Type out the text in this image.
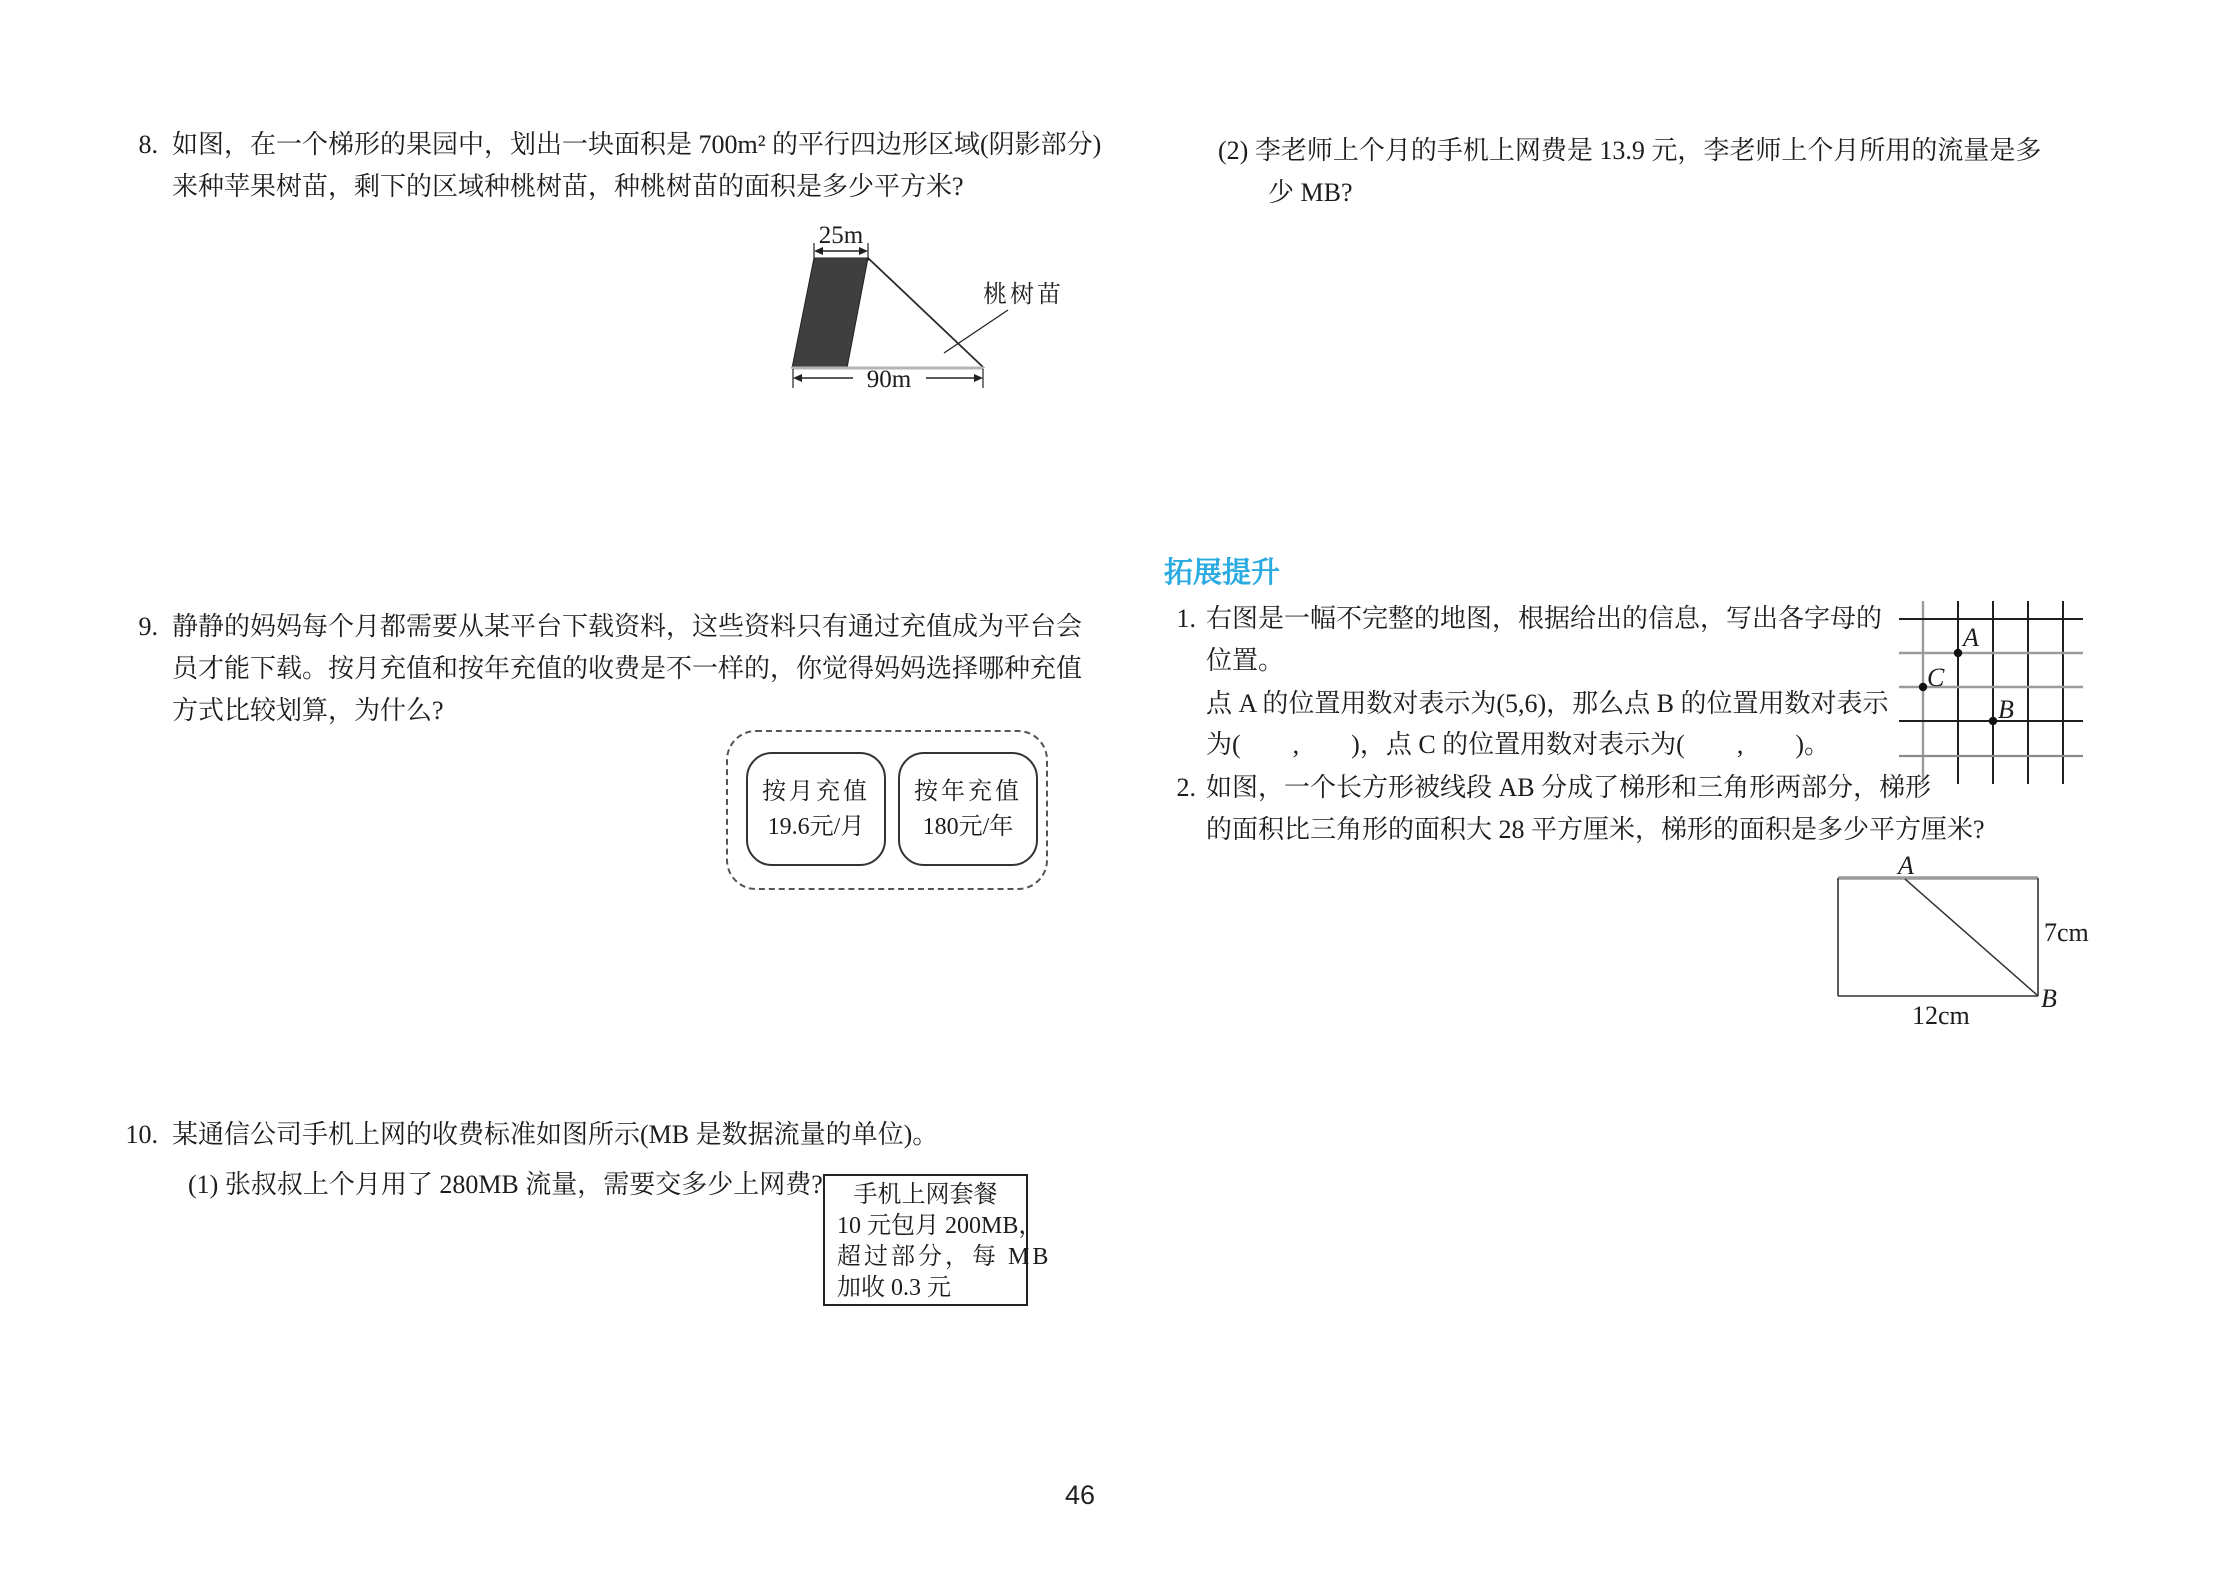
8. 如图，在一个梯形的果园中，划出一块面积是 700m² 的平行四边形区域(阴影部分)
来种苹果树苗，剩下的区域种桃树苗，种桃树苗的面积是多少平方米?
25m
90m
桃树苗
9. 静静的妈妈每个月都需要从某平台下载资料，这些资料只有通过充值成为平台会
员才能下载。按月充值和按年充值的收费是不一样的，你觉得妈妈选择哪种充值
方式比较划算，为什么?
按月充值
19.6元/月
按年充值
180元/年
10. 某通信公司手机上网的收费标准如图所示(MB 是数据流量的单位)。
(1) 张叔叔上个月用了 280MB 流量，需要交多少上网费?	手机上网套餐
10 元包月 200MB，
超过部分，每 MB
加收 0.3 元
(2) 李老师上个月的手机上网费是 13.9 元，李老师上个月所用的流量是多
少 MB?
拓展提升
1. 右图是一幅不完整的地图，根据给出的信息，写出各字母的
位置。
点 A 的位置用数对表示为(5,6)，那么点 B 的位置用数对表示
为(　　,　　)，点 C 的位置用数对表示为(　　,　　)。
A
C
B
2. 如图，一个长方形被线段 AB 分成了梯形和三角形两部分，梯形
的面积比三角形的面积大 28 平方厘米，梯形的面积是多少平方厘米?
A
B
7cm
12cm
46
